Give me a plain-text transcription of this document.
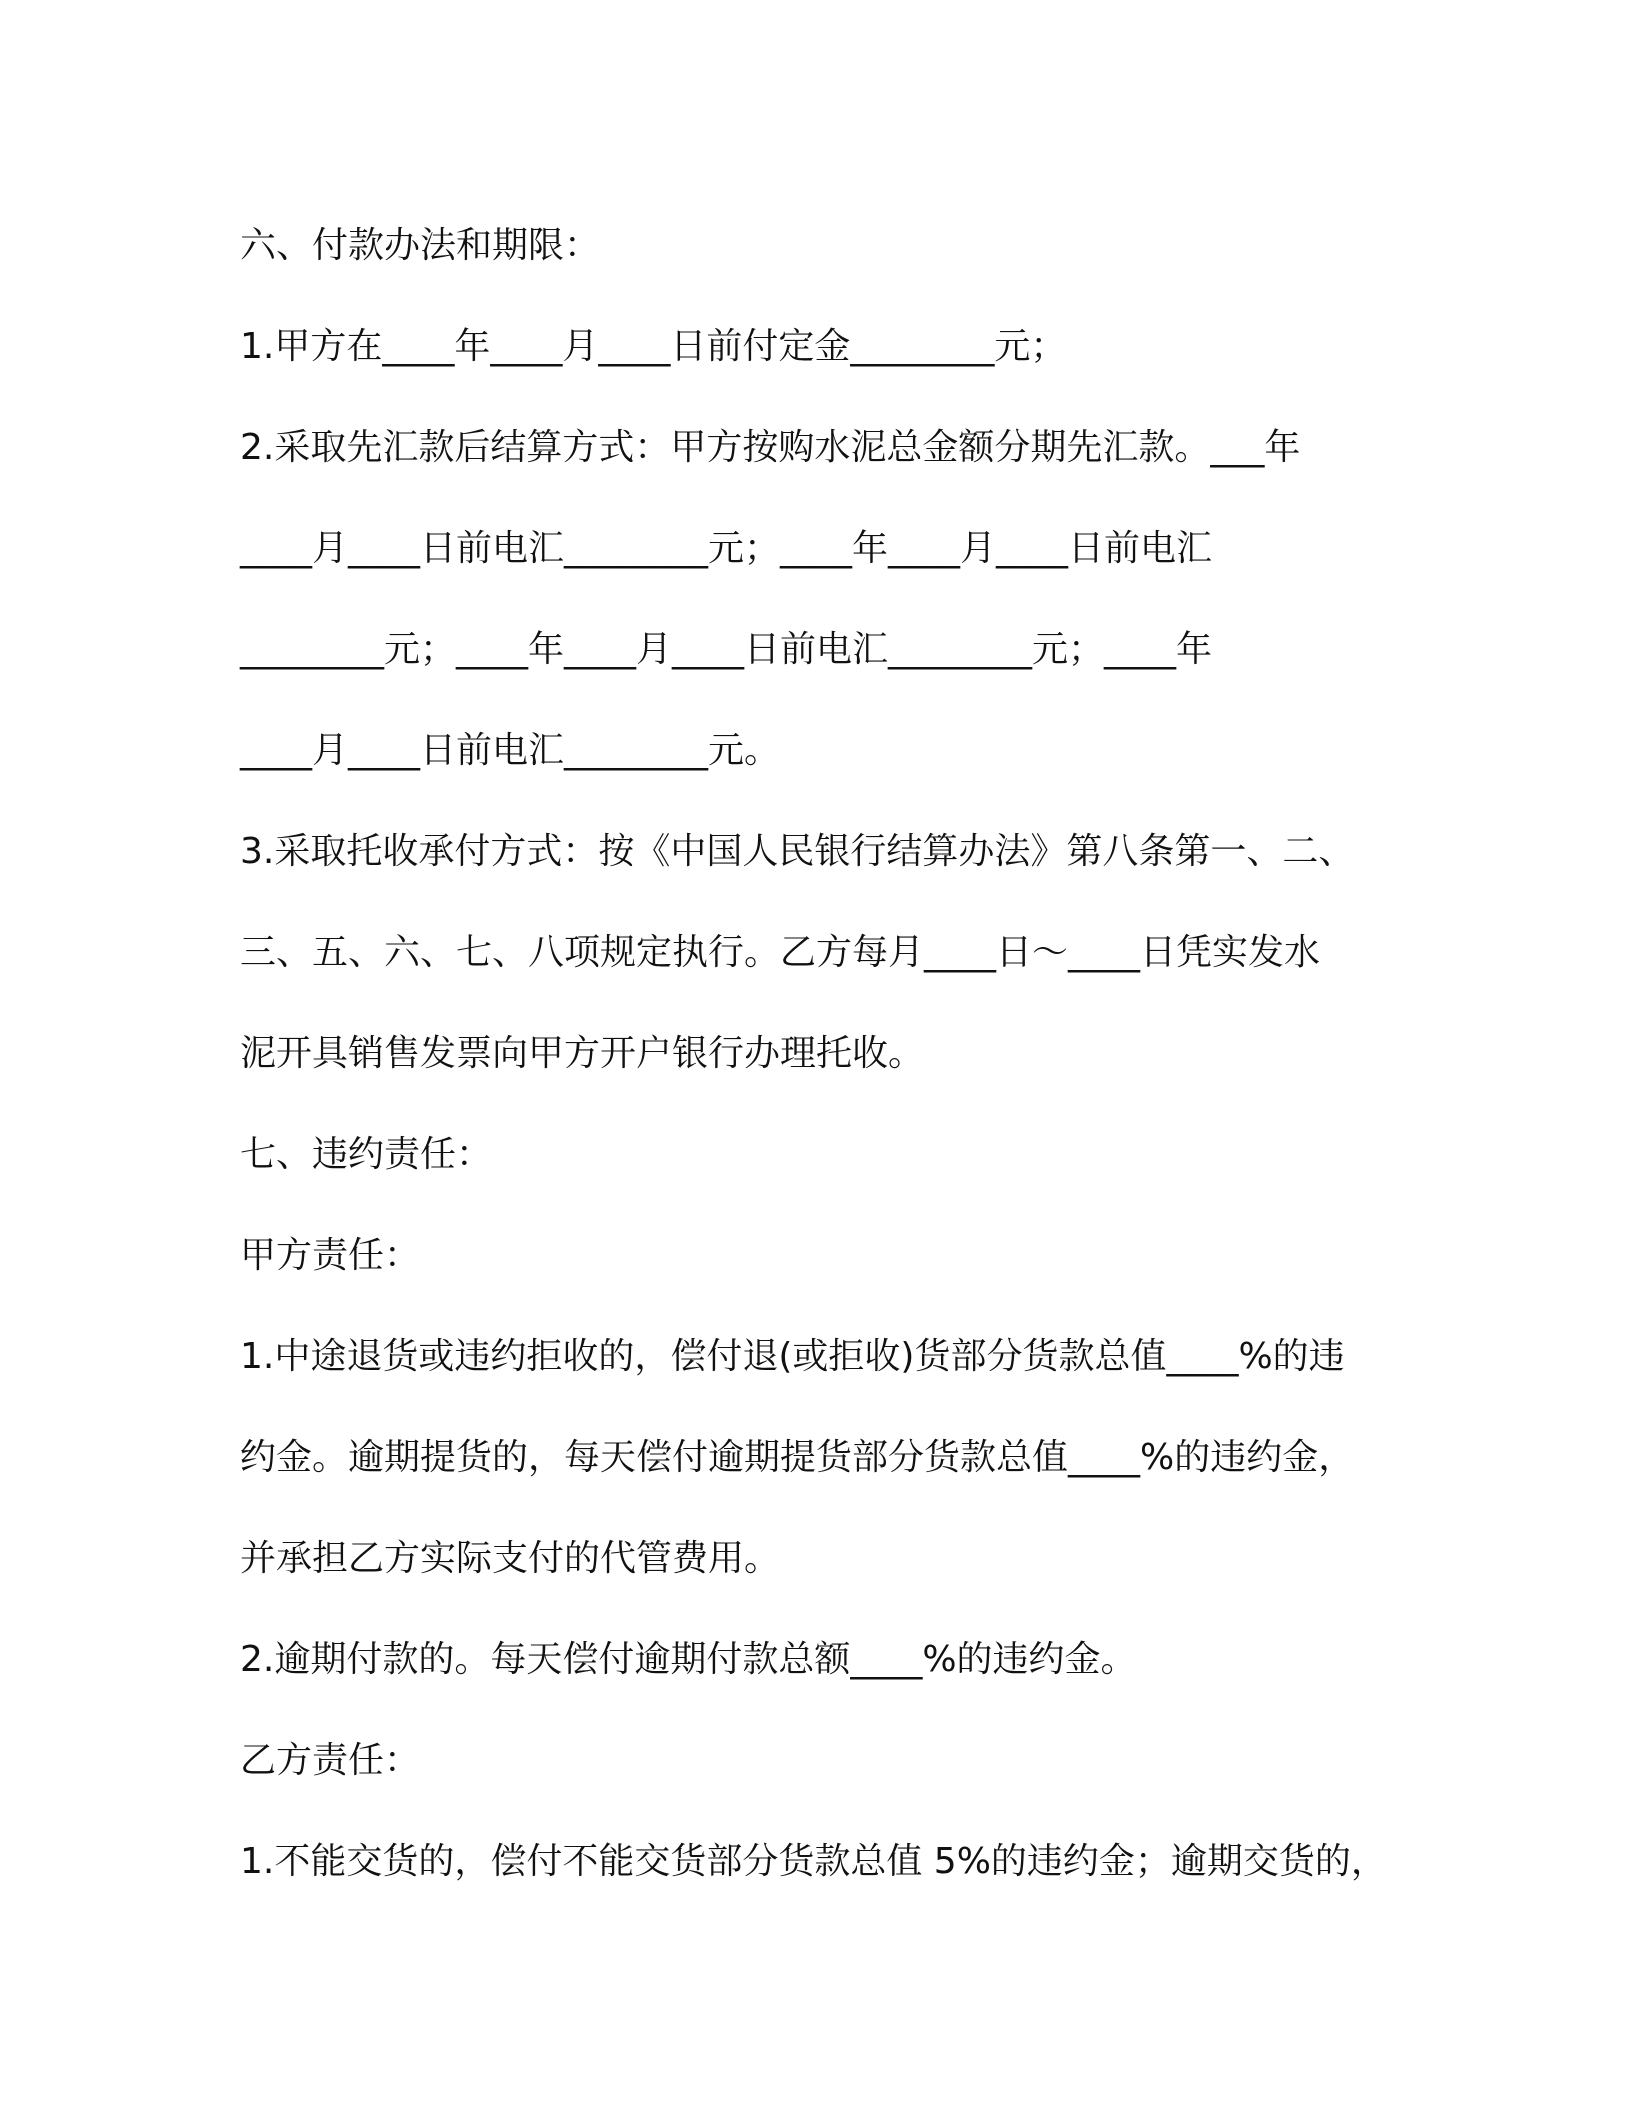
六、付款办法和期限：
1.甲方在____年____月____日前付定金________元；
2.采取先汇款后结算方式：甲方按购水泥总金额分期先汇款。___年
____月____日前电汇________元；____年____月____日前电汇
________元；____年____月____日前电汇________元；____年
____月____日前电汇________元。
3.采取托收承付方式：按《中国人民银行结算办法》第八条第一、二、
三、五、六、七、八项规定执行。乙方每月____日～____日凭实发水
泥开具销售发票向甲方开户银行办理托收。
七、违约责任：
甲方责任：
1.中途退货或违约拒收的，偿付退(或拒收)货部分货款总值____%的违
约金。逾期提货的，每天偿付逾期提货部分货款总值____%的违约金，
并承担乙方实际支付的代管费用。
2.逾期付款的。每天偿付逾期付款总额____%的违约金。
乙方责任：
1.不能交货的，偿付不能交货部分货款总值 5%的违约金；逾期交货的，
